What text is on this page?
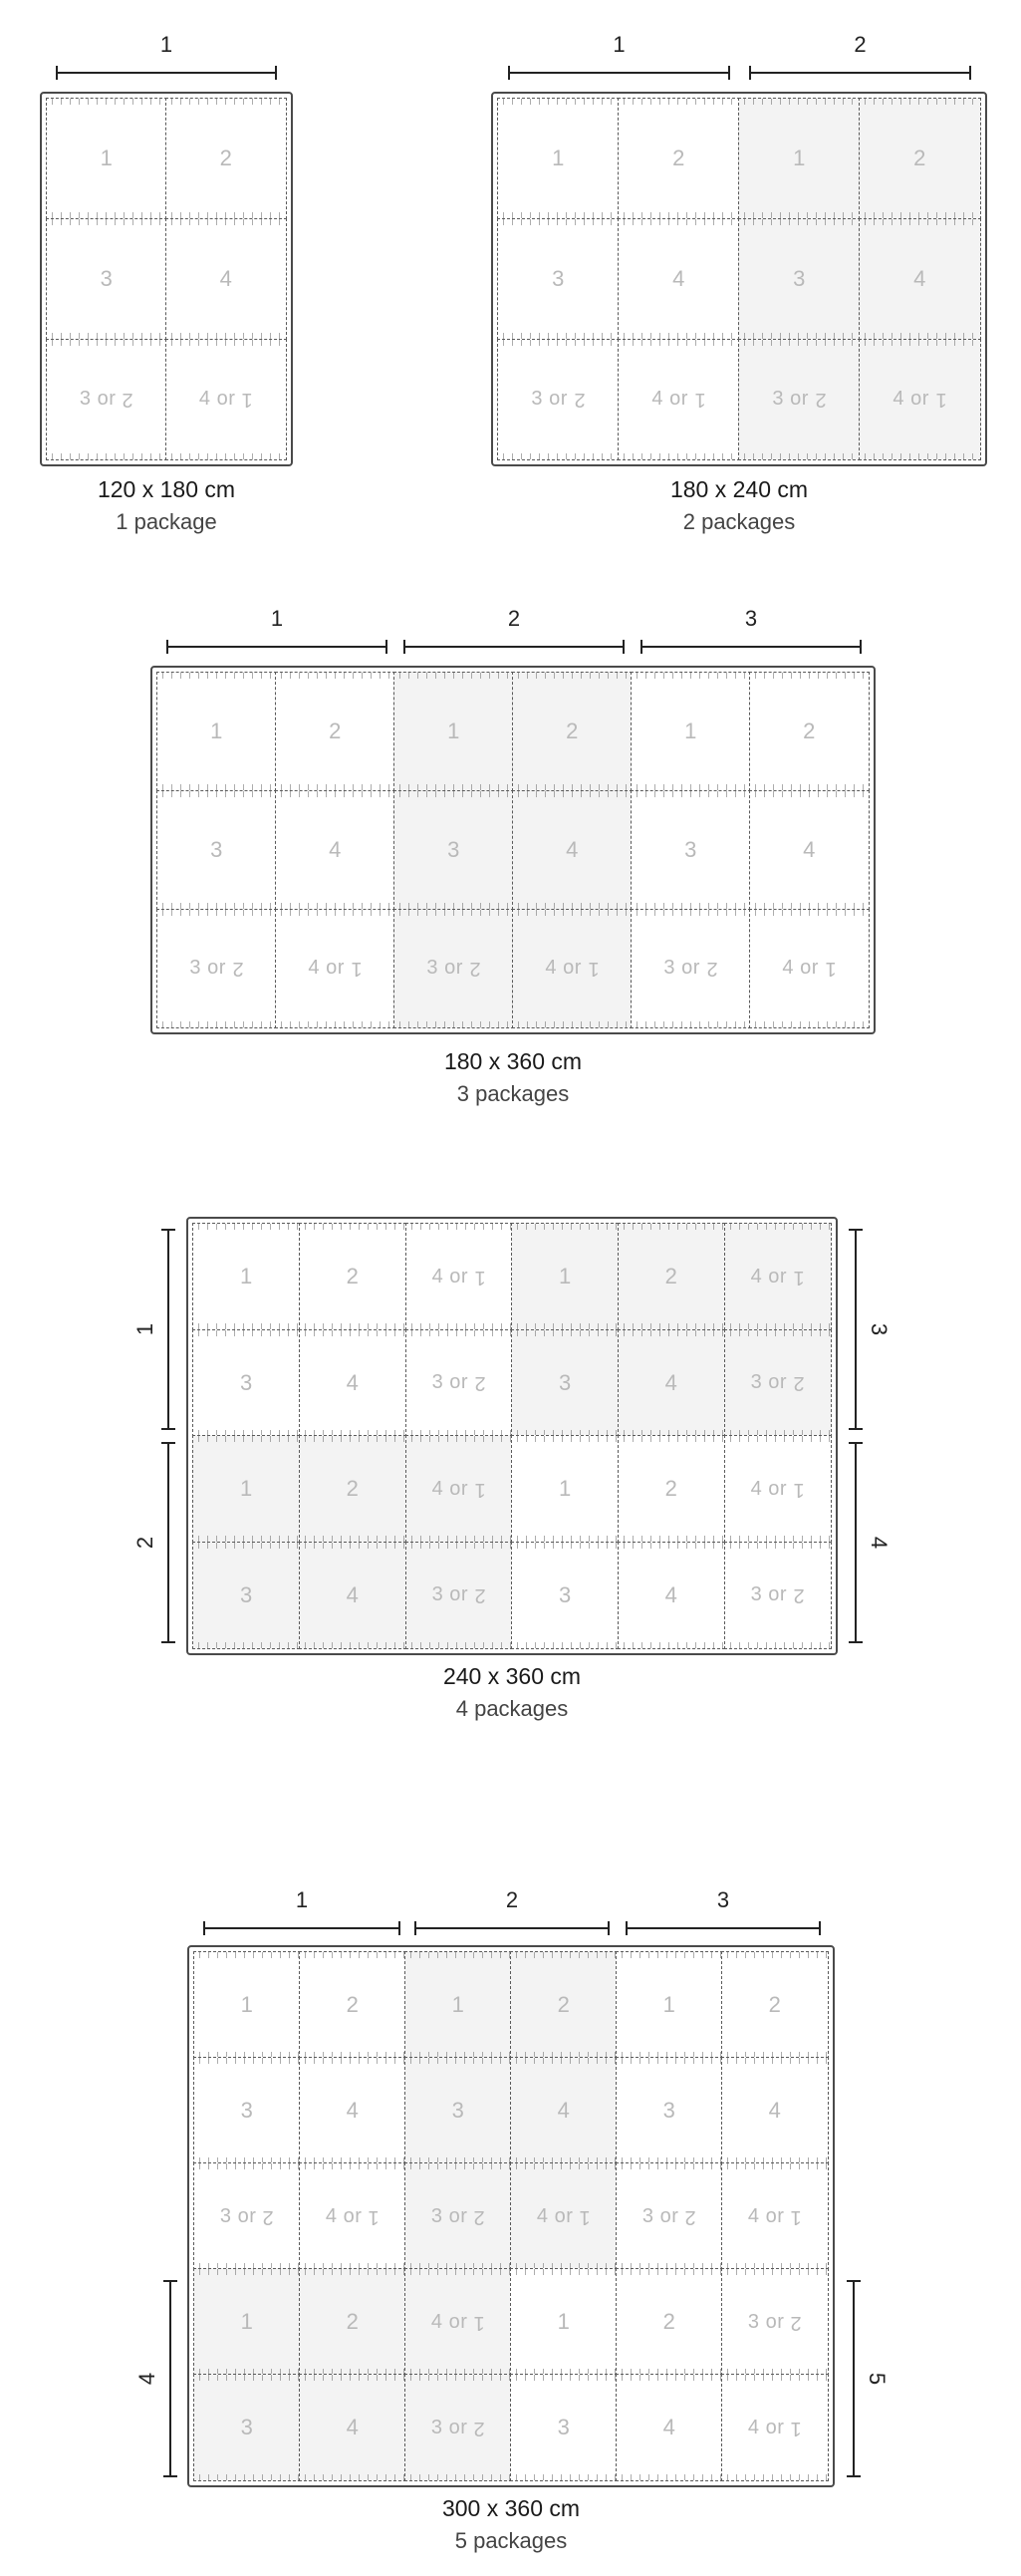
1
1	2
3	4
3 or 2	4 or 1
120 x 180 cm
1 package
1	2
1	2	1	2
3	4	3	4
3 or 2	4 or 1	3 or 2	4 or 1
180 x 240 cm
2 packages
1	2	3
1	2	1	2	1	2
3	4	3	4	3	4
3 or 2	4 or 1	3 or 2	4 or 1	3 or 2	4 or 1
180 x 360 cm
3 packages
1
2
3
4
1	2	4 or 1	1	2	4 or 1
3	4	3 or 2	3	4	3 or 2
1	2	4 or 1	1	2	4 or 1
3	4	3 or 2	3	4	3 or 2
240 x 360 cm
4 packages
1	2	3
4	5
1	2	1	2	1	2
3	4	3	4	3	4
3 or 2	4 or 1	3 or 2	4 or 1	3 or 2	4 or 1
1	2	4 or 1	1	2	3 or 2
3	4	3 or 2	3	4	4 or 1
300 x 360 cm
5 packages
